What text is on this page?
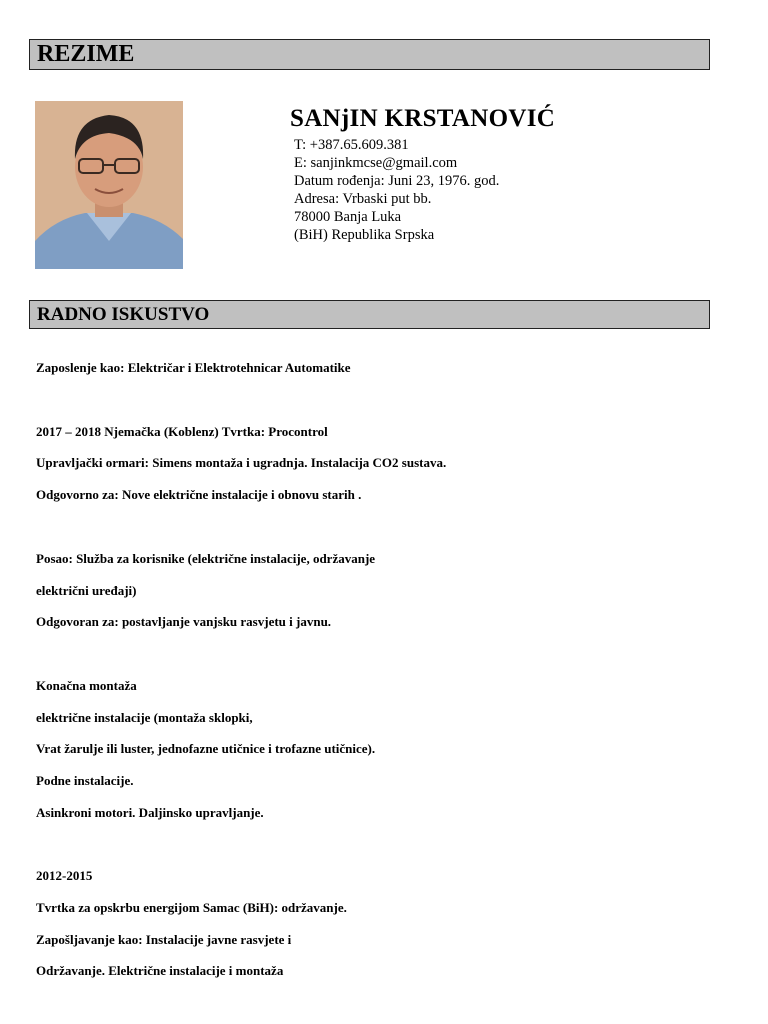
REZIME
SANjIN KRSTANOVIĆ
T: +387.65.609.381
E: sanjinkmcse@gmail.com
Datum rođenja: Juni 23, 1976. god.
Adresa: Vrbaski put bb.
78000 Banja Luka
(BiH) Republika Srpska
RADNO ISKUSTVO
Zaposlenje kao: Električar i Elektrotehnicar Automatike
2017 – 2018 Njemačka (Koblenz) Tvrtka: Procontrol
Upravljački ormari: Simens montaža i ugradnja. Instalacija CO2 sustava.
Odgovorno za: Nove električne instalacije i obnovu starih .
Posao: Služba za korisnike (električne instalacije, održavanje
električni uređaji)
Odgovoran za: postavljanje vanjsku rasvjetu i javnu.
Konačna montaža
električne instalacije (montaža sklopki,
Vrat žarulje ili luster, jednofazne utičnice i trofazne utičnice).
Podne instalacije.
Asinkroni motori. Daljinsko upravljanje.
2012-2015
Tvrtka za opskrbu energijom Samac (BiH): održavanje.
Zapošljavanje kao: Instalacije javne rasvjete i
Održavanje. Električne instalacije i montaža
